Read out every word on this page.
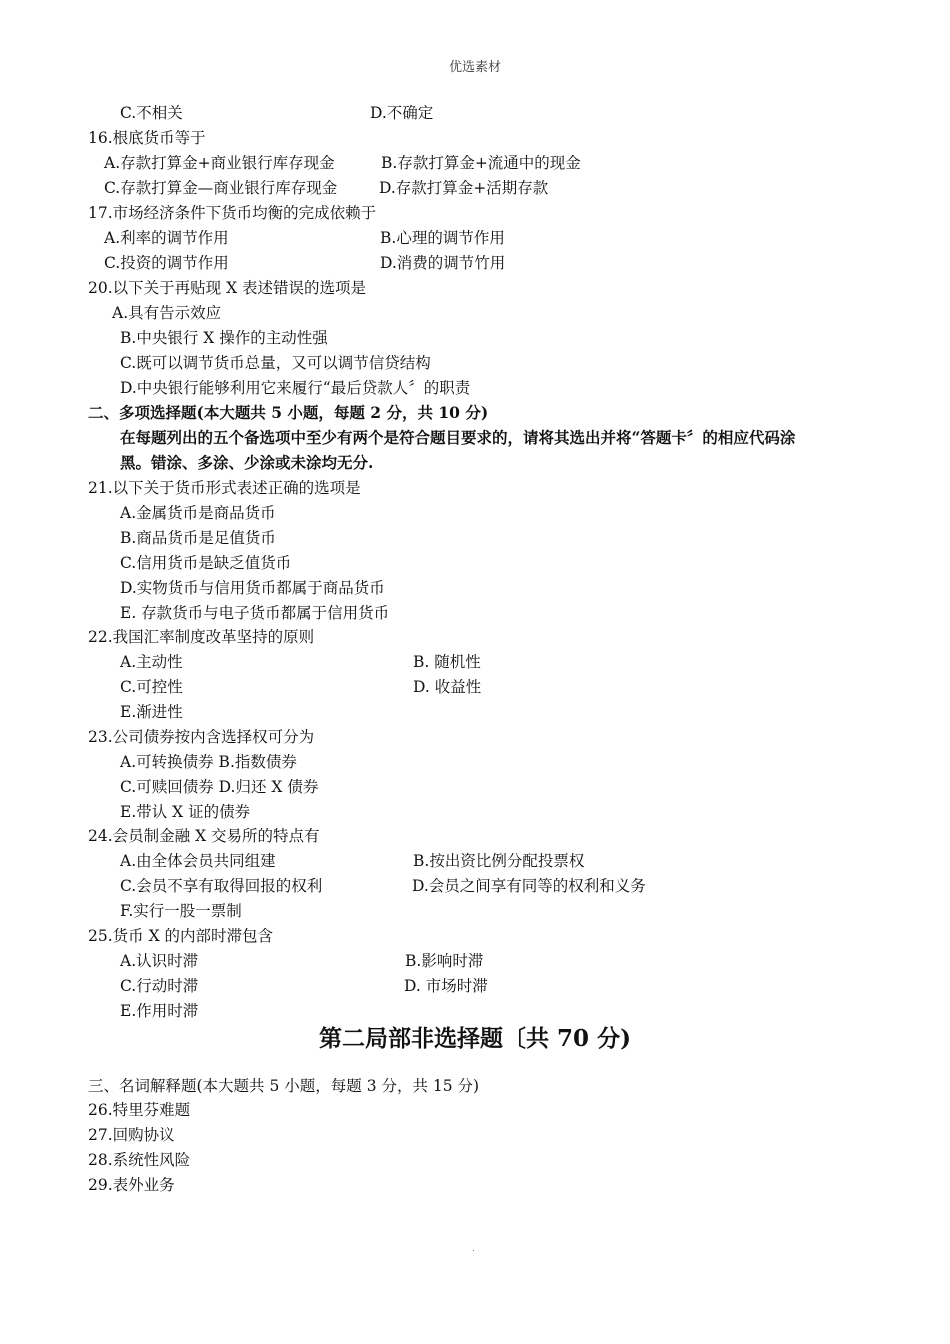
优选素材
C.不相关	D.不确定
16.根底货币等于
A.存款打算金+商业银行库存现金	B.存款打算金+流通中的现金
C.存款打算金—商业银行库存现金	D.存款打算金+活期存款
17.市场经济条件下货币均衡的完成依赖于
A.利率的调节作用	B.心理的调节作用
C.投资的调节作用	D.消费的调节竹用
20.以下关于再贴现 X 表述错误的选项是
A.具有告示效应
B.中央银行 X 操作的主动性强
C.既可以调节货币总量，又可以调节信贷结构
D.中央银行能够利用它来履行“最后贷款人〞的职责
二、多项选择题(本大题共 5 小题，每题 2 分，共 10 分)
在每题列出的五个备选项中至少有两个是符合题目要求的，请将其选出并将“答题卡〞的相应代码涂
黑。错涂、多涂、少涂或未涂均无分.
21.以下关于货币形式表述正确的选项是
A.金属货币是商品货币
B.商品货币是足值货币
C.信用货币是缺乏值货币
D.实物货币与信用货币都属于商品货币
E. 存款货币与电子货币都属于信用货币
22.我国汇率制度改革坚持的原则
A.主动性	B. 随机性
C.可控性	D. 收益性
E.渐进性
23.公司债券按内含选择权可分为
A.可转换债券 B.指数债券
C.可赎回债券 D.归还 X 债券
E.带认 X 证的债券
24.会员制金融 X 交易所的特点有
A.由全体会员共同组建	B.按出资比例分配投票权
C.会员不享有取得回报的权利	D.会员之间享有同等的权利和义务
F.实行一股一票制
25.货币 X 的内部时滞包含
A.认识时滞	B.影响时滞
C.行动时滞	D. 市场时滞
E.作用时滞
第二局部非选择题〔共 70 分)
三、名词解释题(本大题共 5 小题，每题 3 分，共 15 分)
26.特里芬难题
27.回购协议
28.系统性风险
29.表外业务
.
